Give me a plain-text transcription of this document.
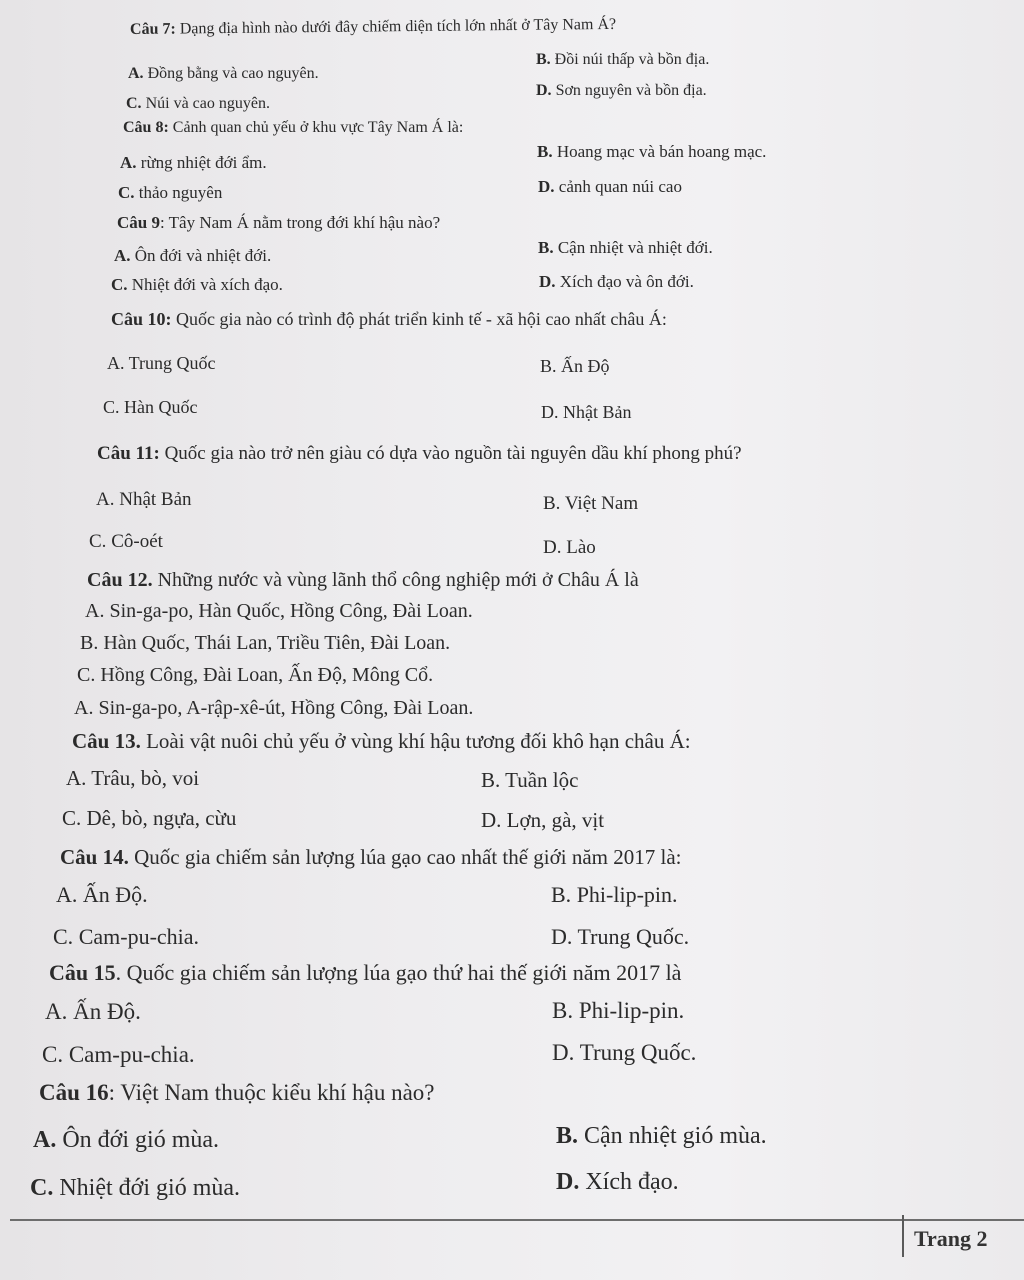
Câu 7: Dạng địa hình nào dưới đây chiếm diện tích lớn nhất ở Tây Nam Á?
A. Đồng bằng và cao nguyên.
B. Đồi núi thấp và bồn địa.
C. Núi và cao nguyên.
D. Sơn nguyên và bồn địa.
Câu 8: Cảnh quan chủ yếu ở khu vực Tây Nam Á là:
A. rừng nhiệt đới ẩm.
B. Hoang mạc và bán hoang mạc.
C. thảo nguyên	D. cảnh quan núi cao
Câu 9: Tây Nam Á nằm trong đới khí hậu nào?
A. Ôn đới và nhiệt đới.	B. Cận nhiệt và nhiệt đới.
C. Nhiệt đới và xích đạo.	D. Xích đạo và ôn đới.
Câu 10: Quốc gia nào có trình độ phát triển kinh tế - xã hội cao nhất châu Á:
A. Trung Quốc	B. Ấn Độ
C. Hàn Quốc	D. Nhật Bản
Câu 11: Quốc gia nào trở nên giàu có dựa vào nguồn tài nguyên dầu khí phong phú?
A. Nhật Bản	B. Việt Nam
C. Cô-oét	D. Lào
Câu 12. Những nước và vùng lãnh thổ công nghiệp mới ở Châu Á là
A. Sin-ga-po, Hàn Quốc, Hồng Công, Đài Loan.
B. Hàn Quốc, Thái Lan, Triều Tiên, Đài Loan.
C. Hồng Công, Đài Loan, Ấn Độ, Mông Cổ.
A. Sin-ga-po, A-rập-xê-út, Hồng Công, Đài Loan.
Câu 13. Loài vật nuôi chủ yếu ở vùng khí hậu tương đối khô hạn châu Á:
A. Trâu, bò, voi	B. Tuần lộc
C. Dê, bò, ngựa, cừu	D. Lợn, gà, vịt
Câu 14. Quốc gia chiếm sản lượng lúa gạo cao nhất thế giới năm 2017 là:
A. Ấn Độ.	B. Phi-lip-pin.
C. Cam-pu-chia.	D. Trung Quốc.
Câu 15. Quốc gia chiếm sản lượng lúa gạo thứ hai thế giới năm 2017 là
A. Ấn Độ.	B. Phi-lip-pin.
C. Cam-pu-chia.	D. Trung Quốc.
Câu 16: Việt Nam thuộc kiểu khí hậu nào?
A. Ôn đới gió mùa.	B. Cận nhiệt gió mùa.
C. Nhiệt đới gió mùa.	D. Xích đạo.
Trang 2
